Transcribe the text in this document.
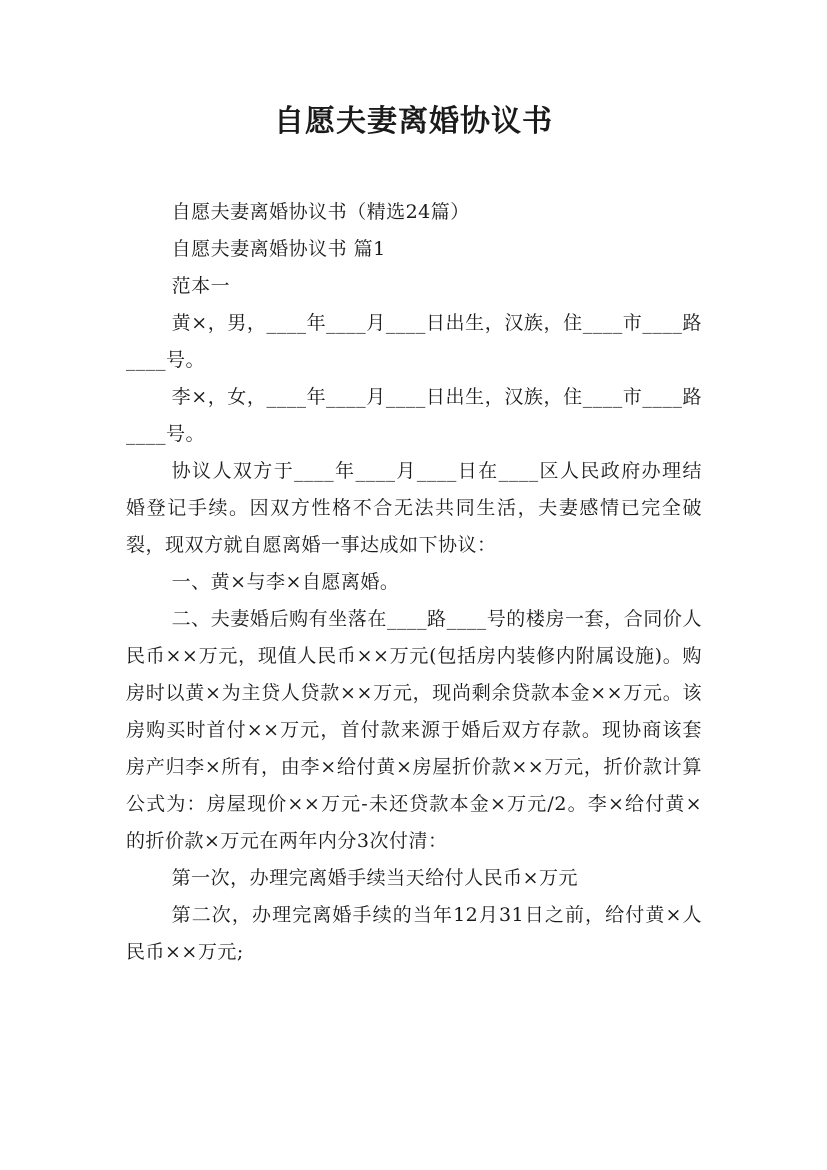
自愿夫妻离婚协议书

自愿夫妻离婚协议书（精选24篇）

自愿夫妻离婚协议书 篇1

范本一

黄×，男，____年____月____日出生，汉族，住____市____路____号。

李×，女，____年____月____日出生，汉族，住____市____路____号。

协议人双方于____年____月____日在____区人民政府办理结婚登记手续。因双方性格不合无法共同生活，夫妻感情已完全破裂，现双方就自愿离婚一事达成如下协议：

一、黄×与李×自愿离婚。

二、夫妻婚后购有坐落在____路____号的楼房一套，合同价人民币××万元，现值人民币××万元(包括房内装修内附属设施)。购房时以黄×为主贷人贷款××万元，现尚剩余贷款本金××万元。该房购买时首付××万元，首付款来源于婚后双方存款。现协商该套房产归李×所有，由李×给付黄×房屋折价款××万元，折价款计算公式为：房屋现价××万元-未还贷款本金×万元/2。李×给付黄×的折价款×万元在两年内分3次付清：

第一次，办理完离婚手续当天给付人民币×万元

第二次，办理完离婚手续的当年12月31日之前，给付黄×人民币××万元;
